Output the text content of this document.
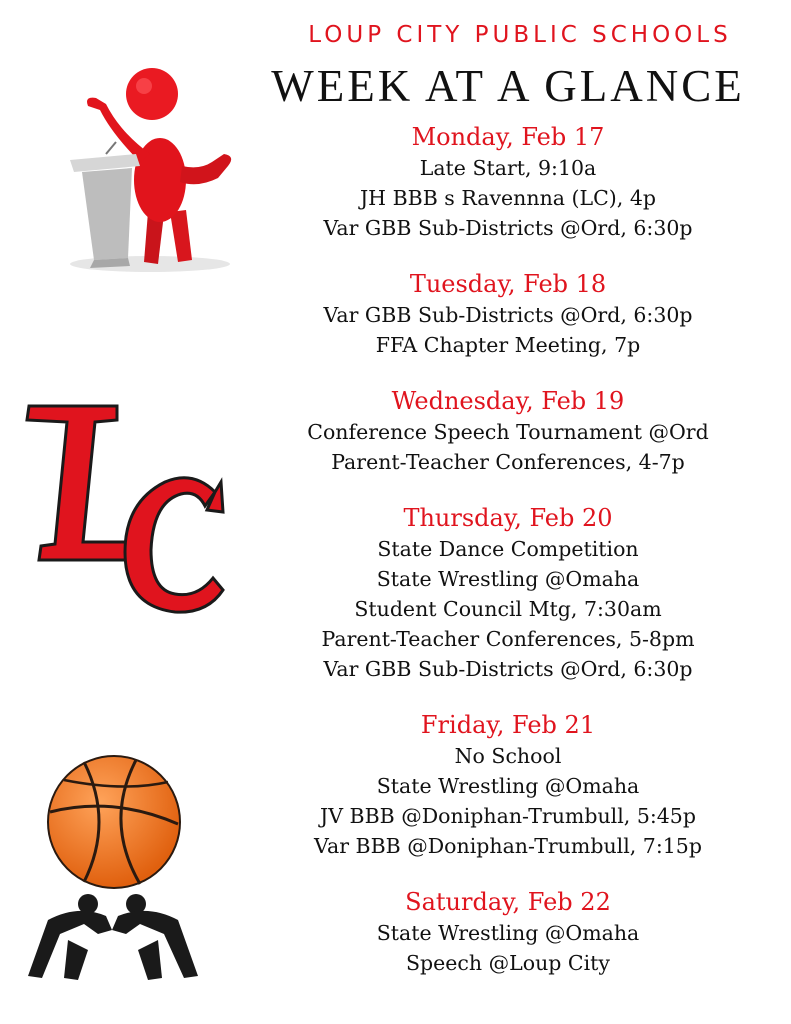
LOUP CITY PUBLIC SCHOOLS
WEEK AT A GLANCE
Monday, Feb 17
Late Start, 9:10a
JH BBB s Ravennna (LC), 4p
Var GBB Sub-Districts @Ord, 6:30p
Tuesday, Feb 18
Var GBB Sub-Districts @Ord, 6:30p
FFA Chapter Meeting, 7p
Wednesday, Feb 19
Conference Speech Tournament @Ord
Parent-Teacher Conferences, 4-7p
Thursday, Feb 20
State Dance Competition
State Wrestling @Omaha
Student Council Mtg, 7:30am
Parent-Teacher Conferences, 5-8pm
Var GBB Sub-Districts @Ord, 6:30p
Friday, Feb 21
No School
State Wrestling @Omaha
JV BBB @Doniphan-Trumbull, 5:45p
Var BBB @Doniphan-Trumbull, 7:15p
Saturday, Feb 22
State Wrestling @Omaha
Speech @Loup City
